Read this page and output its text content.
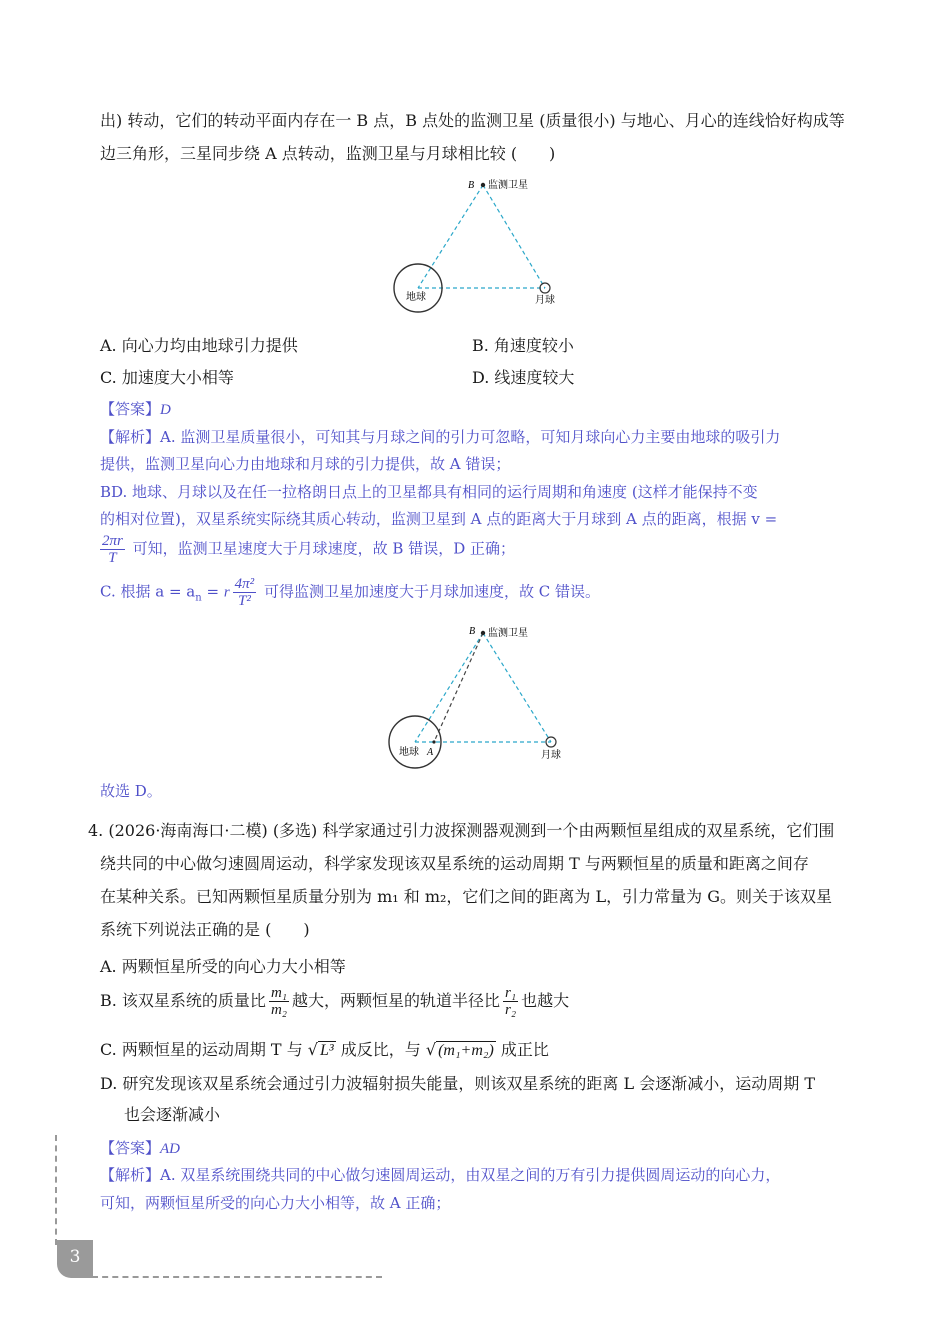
出) 转动，它们的转动平面内存在一 B 点，B 点处的监测卫星 (质量很小) 与地心、月心的连线恰好构成等
边三角形，三星同步绕 A 点转动，监测卫星与月球相比较 (　　)
B 监测卫星
地球	月球
A. 向心力均由地球引力提供	B. 角速度较小
C. 加速度大小相等	D. 线速度较大
【答案】D
【解析】A. 监测卫星质量很小，可知其与月球之间的引力可忽略，可知月球向心力主要由地球的吸引力
提供，监测卫星向心力由地球和月球的引力提供，故 A 错误；
BD. 地球、月球以及在任一拉格朗日点上的卫星都具有相同的运行周期和角速度 (这样才能保持不变
的相对位置)，双星系统实际绕其质心转动，监测卫星到 A 点的距离大于月球到 A 点的距离，根据 v =
$\frac{2\pi r}{T}$ 可知，监测卫星速度大于月球速度，故 B 错误，D 正确；
C. 根据 $a = a_n = r \frac{\text{4π²}}{\text{T²}}$ 可得监测卫星加速度大于月球加速度，故 C 错误。
B 监测卫星
地球 A	月球
故选 D。
4. (2026·海南海口·二模) (多选) 科学家通过引力波探测器观测到一个由两颗恒星组成的双星系统，它们围
绕共同的中心做匀速圆周运动，科学家发现该双星系统的运动周期 T 与两颗恒星的质量和距离之间存
在某种关系。已知两颗恒星质量分别为 m₁ 和 m₂，它们之间的距离为 L，引力常量为 G。则关于该双星
系统下列说法正确的是 (　　)
A. 两颗恒星所受的向心力大小相等
B. 该双星系统的质量比 $\frac{\text{m₁}}{\text{m₂}}$ 越大，两颗恒星的轨道半径比 $\frac{\text{r₁}}{\text{r₂}}$ 也越大
C. 两颗恒星的运动周期 T 与 √ L³ 成反比，与 √ (m₁+m₂) 成正比
D. 研究发现该双星系统会通过引力波辐射损失能量，则该双星系统的距离 L 会逐渐减小，运动周期 T
也会逐渐减小
【答案】AD
【解析】A. 双星系统围绕共同的中心做匀速圆周运动，由双星之间的万有引力提供圆周运动的向心力，
可知，两颗恒星所受的向心力大小相等，故 A 正确；
3
